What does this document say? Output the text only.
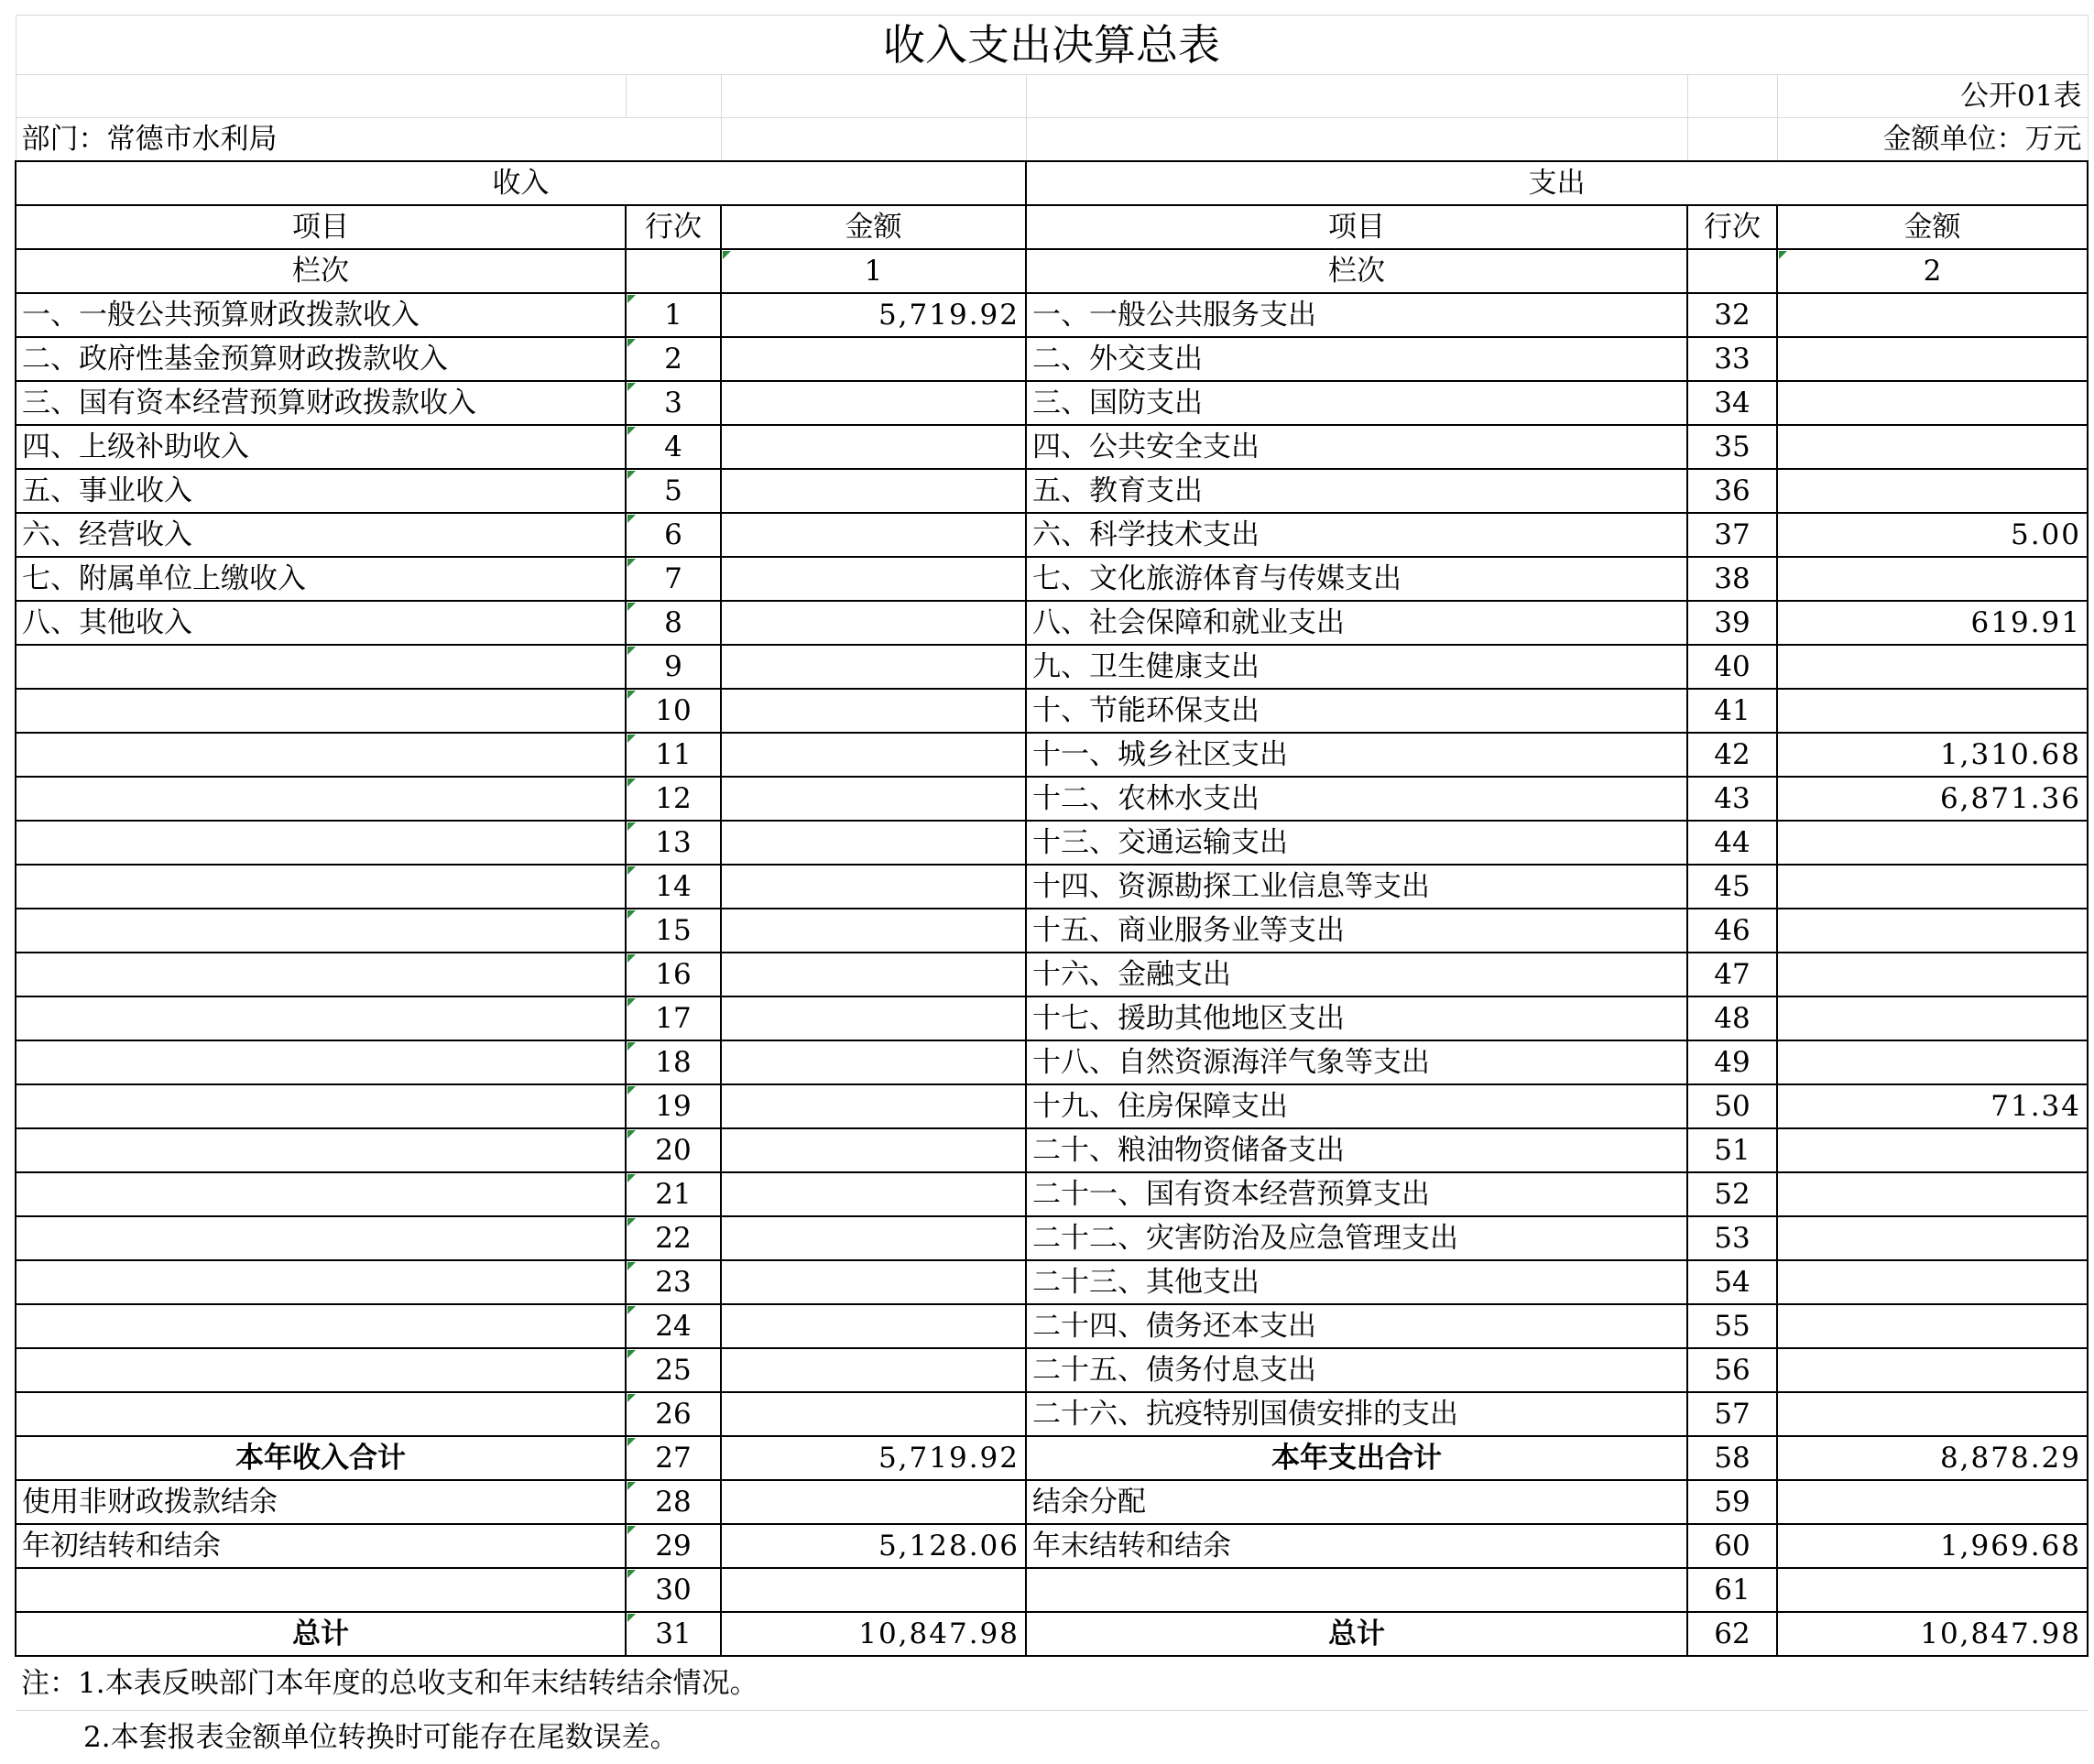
收入支出决算总表					
					公开01表
部门：常德市水利局					金额单位：万元
收入			支出		
项目	行次	金额	项目	行次	金额
栏次		1	栏次		2
一、一般公共预算财政拨款收入	1	5,719.92	一、一般公共服务支出	32	
二、政府性基金预算财政拨款收入	2		二、外交支出	33	
三、国有资本经营预算财政拨款收入	3		三、国防支出	34	
四、上级补助收入	4		四、公共安全支出	35	
五、事业收入	5		五、教育支出	36	
六、经营收入	6		六、科学技术支出	37	5.00
七、附属单位上缴收入	7		七、文化旅游体育与传媒支出	38	
八、其他收入	8		八、社会保障和就业支出	39	619.91
	9		九、卫生健康支出	40	
	10		十、节能环保支出	41	
	11		十一、城乡社区支出	42	1,310.68
	12		十二、农林水支出	43	6,871.36
	13		十三、交通运输支出	44	
	14		十四、资源勘探工业信息等支出	45	
	15		十五、商业服务业等支出	46	
	16		十六、金融支出	47	
	17		十七、援助其他地区支出	48	
	18		十八、自然资源海洋气象等支出	49	
	19		十九、住房保障支出	50	71.34
	20		二十、粮油物资储备支出	51	
	21		二十一、国有资本经营预算支出	52	
	22		二十二、灾害防治及应急管理支出	53	
	23		二十三、其他支出	54	
	24		二十四、债务还本支出	55	
	25		二十五、债务付息支出	56	
	26		二十六、抗疫特别国债安排的支出	57	
本年收入合计	27	5,719.92	本年支出合计	58	8,878.29
使用非财政拨款结余	28		结余分配	59	
年初结转和结余	29	5,128.06	年末结转和结余	60	1,969.68
	30			61	
总计	31	10,847.98	总计	62	10,847.98
注：1.本表反映部门本年度的总收支和年末结转结余情况。					
2.本套报表金额单位转换时可能存在尾数误差。					
